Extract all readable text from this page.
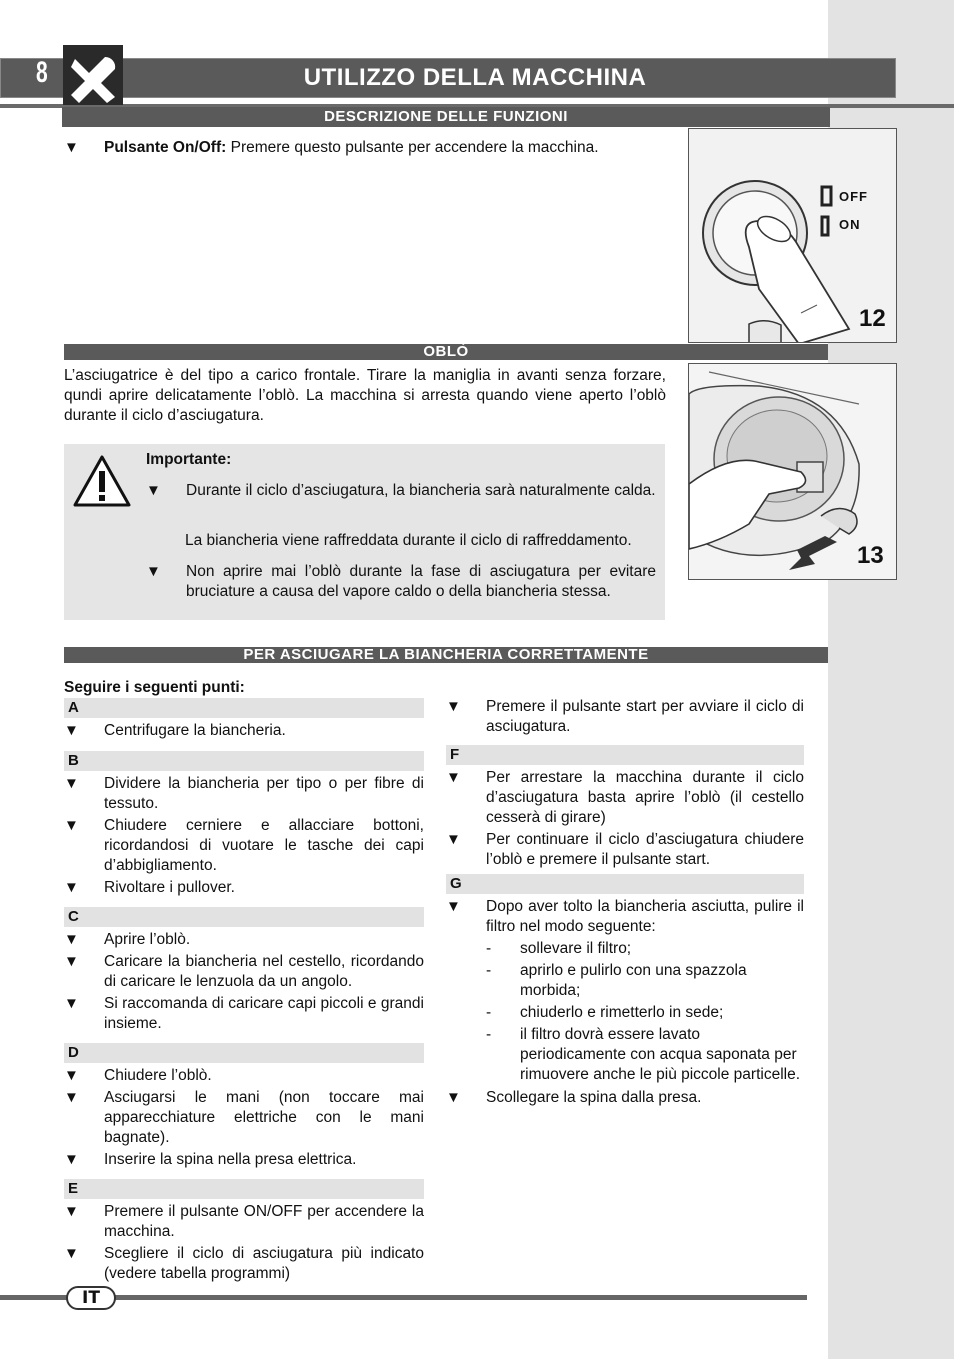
8	UTILIZZO DELLA MACCHINA
DESCRIZIONE DELLE FUNZIONI
▼	Pulsante On/Off: Premere questo pulsante per accendere la macchina.
OFF
ON
12
OBLÒ
L’asciugatrice è del tipo a carico frontale. Tirare la maniglia in avanti senza forzare, qundi aprire delicatamente l’oblò. La macchina si arresta quando viene aperto l’oblò durante il ciclo d’asciugatura.
13
Importante:
▼	Durante il ciclo d’asciugatura, la biancheria sarà naturalmente calda.
La biancheria viene raffreddata durante il ciclo di raffreddamento.
▼	Non aprire mai l’oblò durante la fase di asciugatura per evitare bruciature a causa del vapore caldo o della biancheria stessa.
PER ASCIUGARE LA BIANCHERIA CORRETTAMENTE
Seguire i seguenti punti:
A
▼	Centrifugare la biancheria.
B
▼	Dividere la biancheria per tipo o per fibre di tessuto.
▼	Chiudere cerniere e allacciare bottoni, ricordandosi di vuotare le tasche dei capi d’abbigliamento.
▼	Rivoltare i pullover.
C
▼	Aprire l’oblò.
▼	Caricare la biancheria nel cestello, ricordando di caricare le lenzuola da un angolo.
▼	Si raccomanda di caricare capi piccoli e grandi insieme.
D
▼	Chiudere l’oblò.
▼	Asciugarsi le mani (non toccare mai apparecchiature elettriche con le mani bagnate).
▼	Inserire la spina nella presa elettrica.
E
▼	Premere il pulsante ON/OFF per accendere la macchina.
▼	Scegliere il ciclo di asciugatura più indicato (vedere tabella programmi)
▼	Premere il pulsante start per avviare il ciclo di asciugatura.
F
▼	Per arrestare la macchina durante il ciclo d’asciugatura basta aprire l’oblò (il cestello cesserà di girare)
▼	Per continuare il ciclo d’asciugatura chiudere l’oblò e premere il pulsante start.
G
▼	Dopo aver tolto la biancheria asciutta, pulire il filtro nel modo seguente:
-	sollevare il filtro;
-	aprirlo e pulirlo con una spazzola morbida;
-	chiuderlo e rimetterlo in sede;
-	il filtro dovrà essere lavato periodicamente con acqua saponata per rimuovere anche le più piccole particelle.
▼	Scollegare la spina dalla presa.
IT
